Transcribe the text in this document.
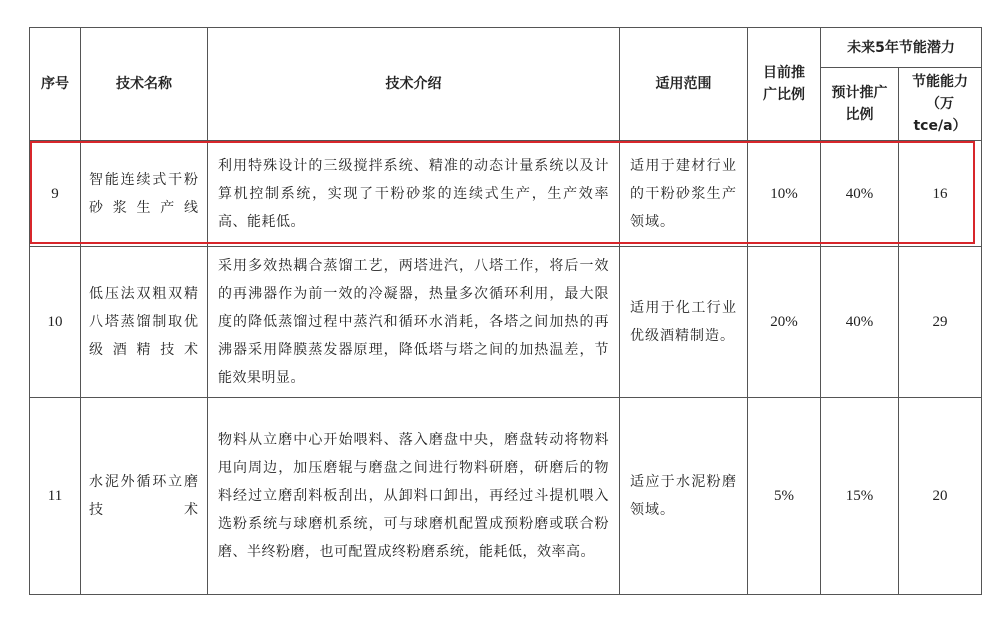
序号	技术名称	技术介绍	适用范围	目前推广比例	未来5年节能潜力	
					预计推广比例	节能能力（万 tce/a）
9	智能连续式干粉砂浆生产线	利用特殊设计的三级搅拌系统、精准的动态计量系统以及计算机控制系统，实现了干粉砂浆的连续式生产，生产效率高、能耗低。	适用于建材行业的干粉砂浆生产领域。	10%	40%	16
10	低压法双粗双精八塔蒸馏制取优级酒精技术	采用多效热耦合蒸馏工艺，两塔进汽，八塔工作，将后一效的再沸器作为前一效的冷凝器，热量多次循环利用，最大限度的降低蒸馏过程中蒸汽和循环水消耗，各塔之间加热的再沸器采用降膜蒸发器原理，降低塔与塔之间的加热温差，节能效果明显。	适用于化工行业优级酒精制造。	20%	40%	29
11	水泥外循环立磨技术	物料从立磨中心开始喂料、落入磨盘中央，磨盘转动将物料甩向周边，加压磨辊与磨盘之间进行物料研磨，研磨后的物料经过立磨刮料板刮出，从卸料口卸出，再经过斗提机喂入选粉系统与球磨机系统，可与球磨机配置成预粉磨或联合粉磨、半终粉磨，也可配置成终粉磨系统，能耗低，效率高。	适应于水泥粉磨领域。	5%	15%	20
